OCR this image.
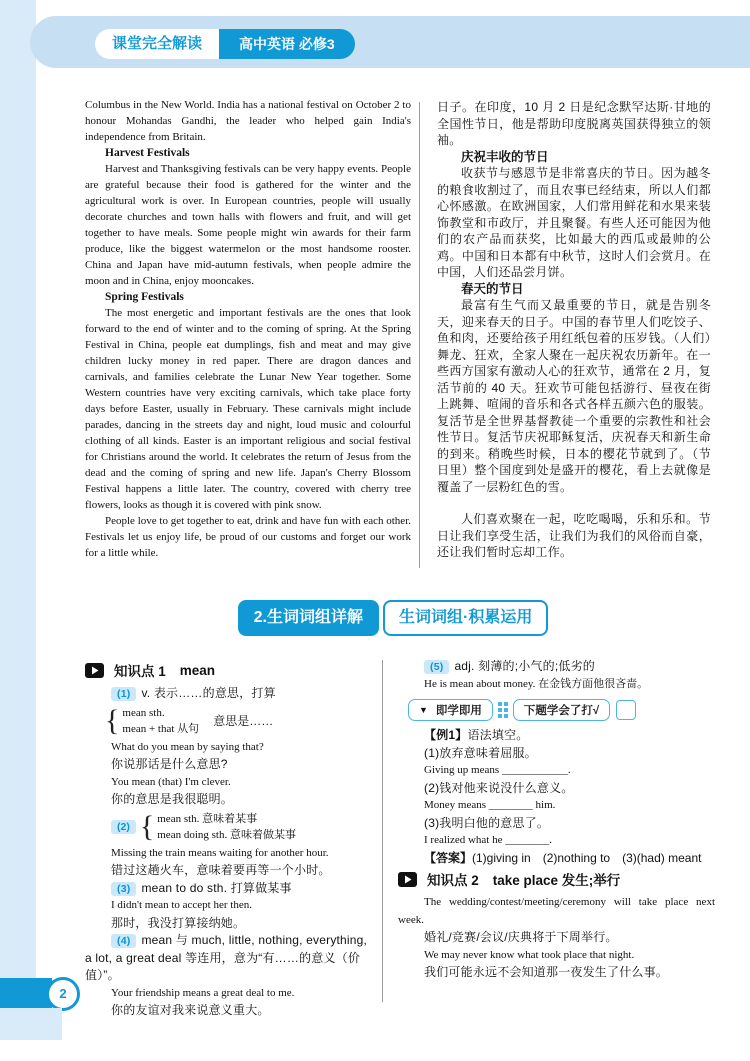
课堂完全解读	高中英语 必修3

Columbus in the New World. India has a national festival on October 2 to honour Mohandas Gandhi, the leader who helped gain India's independence from Britain.

Harvest Festivals

Harvest and Thanksgiving festivals can be very happy events. People are grateful because their food is gathered for the winter and the agricultural work is over. In European countries, people will usually decorate churches and town halls with flowers and fruit, and will get together to have meals. Some people might win awards for their farm produce, like the biggest watermelon or the most handsome rooster. China and Japan have mid-autumn festivals, when people admire the moon and in China, enjoy mooncakes.

Spring Festivals

The most energetic and important festivals are the ones that look forward to the end of winter and to the coming of spring. At the Spring Festival in China, people eat dumplings, fish and meat and may give children lucky money in red paper. There are dragon dances and carnivals, and families celebrate the Lunar New Year together. Some Western countries have very exciting carnivals, which take place forty days before Easter, usually in February. These carnivals might include parades, dancing in the streets day and night, loud music and colourful clothing of all kinds. Easter is an important religious and social festival for Christians around the world. It celebrates the return of Jesus from the dead and the coming of spring and new life. Japan's Cherry Blossom Festival happens a little later. The country, covered with cherry tree flowers, looks as though it is covered with pink snow.

People love to get together to eat, drink and have fun with each other. Festivals let us enjoy life, be proud of our customs and forget our work for a little while.

日子。在印度，10 月 2 日是纪念默罕达斯·甘地的全国性节日，他是帮助印度脱离英国获得独立的领袖。

庆祝丰收的节日

收获节与感恩节是非常喜庆的节日。因为越冬的粮食收割过了，而且农事已经结束，所以人们都心怀感激。在欧洲国家，人们常用鲜花和水果来装饰教堂和市政厅，并且聚餐。有些人还可能因为他们的农产品而获奖，比如最大的西瓜或最帅的公鸡。中国和日本都有中秋节，这时人们会赏月。在中国，人们还品尝月饼。

春天的节日

最富有生气而又最重要的节日，就是告别冬天，迎来春天的日子。中国的春节里人们吃饺子、鱼和肉，还要给孩子用红纸包着的压岁钱。（人们）舞龙、狂欢，全家人聚在一起庆祝农历新年。在一些西方国家有激动人心的狂欢节，通常在 2 月，复活节前的 40 天。狂欢节可能包括游行、昼夜在街上跳舞、喧闹的音乐和各式各样五颜六色的服装。复活节是全世界基督教徒一个重要的宗教性和社会性节日。复活节庆祝耶稣复活，庆祝春天和新生命的到来。稍晚些时候，日本的樱花节就到了。（节日里）整个国度到处是盛开的樱花，看上去就像是覆盖了一层粉红色的雪。

人们喜欢聚在一起，吃吃喝喝，乐和乐和。节日让我们享受生活，让我们为我们的风俗而自豪，还让我们暂时忘却工作。

2.生词词组详解	生词词组·积累运用
知识点 1 mean

(1) v. 表示……的意思，打算

{ mean sth.
mean + that 从句
意思是……

What do you mean by saying that?

你说那话是什么意思?

You mean (that) I'm clever.

你的意思是我很聪明。

(2) { mean sth. 意味着某事
mean doing sth. 意味着做某事

Missing the train means waiting for another hour.

错过这趟火车，意味着要再等一个小时。

(3) mean to do sth. 打算做某事

I didn't mean to accept her then.

那时，我没打算接纳她。

(4) mean 与 much, little, nothing, everything, a lot, a great deal 等连用，意为“有……的意义（价值）”。

Your friendship means a great deal to me.

你的友谊对我来说意义重大。

(5) adj. 刻薄的;小气的;低劣的

He is mean about money. 在金钱方面他很吝啬。

▼ 即学即用	下题学会了打√

【例1】语法填空。

(1)放弃意味着屈服。

Giving up means ____________.

(2)钱对他来说没什么意义。

Money means ________ him.

(3)我明白他的意思了。

I realized what he ________.

【答案】(1)giving in　(2)nothing to　(3)(had) meant

知识点 2 take place 发生;举行

The wedding/contest/meeting/ceremony will take place next week.

婚礼/竞赛/会议/庆典将于下周举行。

We may never know what took place that night.

我们可能永远不会知道那一夜发生了什么事。

2
